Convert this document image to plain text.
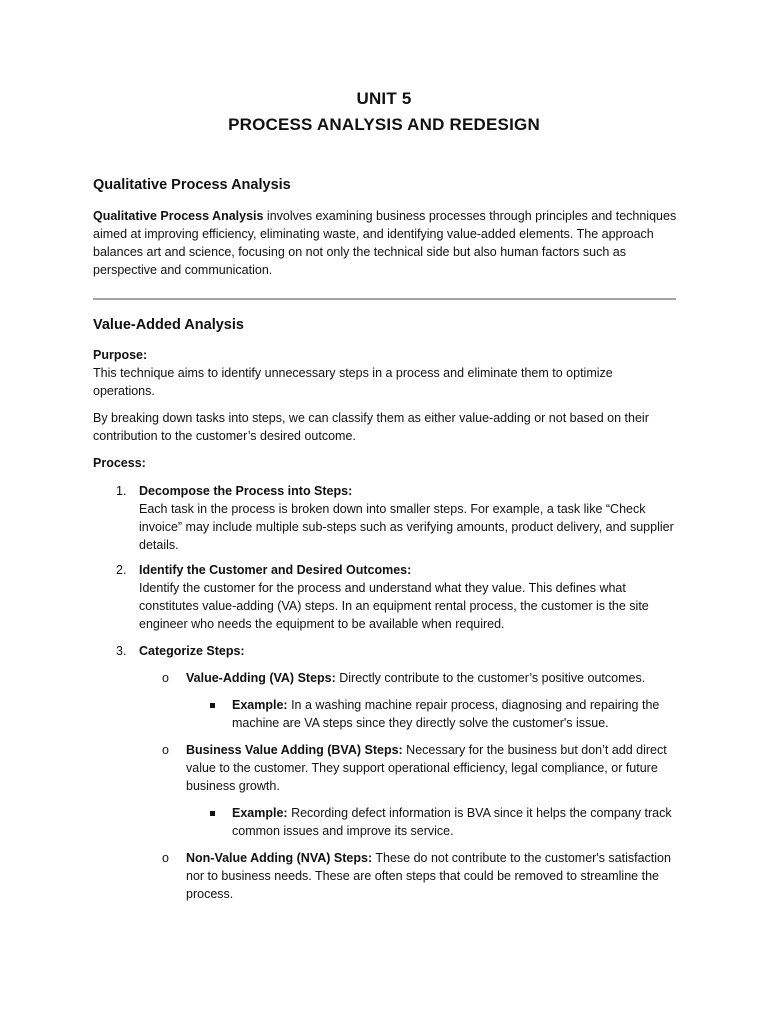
UNIT 5
PROCESS ANALYSIS AND REDESIGN
Qualitative Process Analysis
Qualitative Process Analysis involves examining business processes through principles and techniques aimed at improving efficiency, eliminating waste, and identifying value-added elements. The approach balances art and science, focusing on not only the technical side but also human factors such as perspective and communication.
Value-Added Analysis
Purpose:
This technique aims to identify unnecessary steps in a process and eliminate them to optimize operations.
By breaking down tasks into steps, we can classify them as either value-adding or not based on their contribution to the customer’s desired outcome.
Process:
1. Decompose the Process into Steps:
Each task in the process is broken down into smaller steps. For example, a task like “Check invoice” may include multiple sub-steps such as verifying amounts, product delivery, and supplier details.
2. Identify the Customer and Desired Outcomes:
Identify the customer for the process and understand what they value. This defines what constitutes value-adding (VA) steps. In an equipment rental process, the customer is the site engineer who needs the equipment to be available when required.
3. Categorize Steps:
o Value-Adding (VA) Steps: Directly contribute to the customer’s positive outcomes.
Example: In a washing machine repair process, diagnosing and repairing the machine are VA steps since they directly solve the customer's issue.
o Business Value Adding (BVA) Steps: Necessary for the business but don’t add direct value to the customer. They support operational efficiency, legal compliance, or future business growth.
Example: Recording defect information is BVA since it helps the company track common issues and improve its service.
o Non-Value Adding (NVA) Steps: These do not contribute to the customer's satisfaction nor to business needs. These are often steps that could be removed to streamline the process.
